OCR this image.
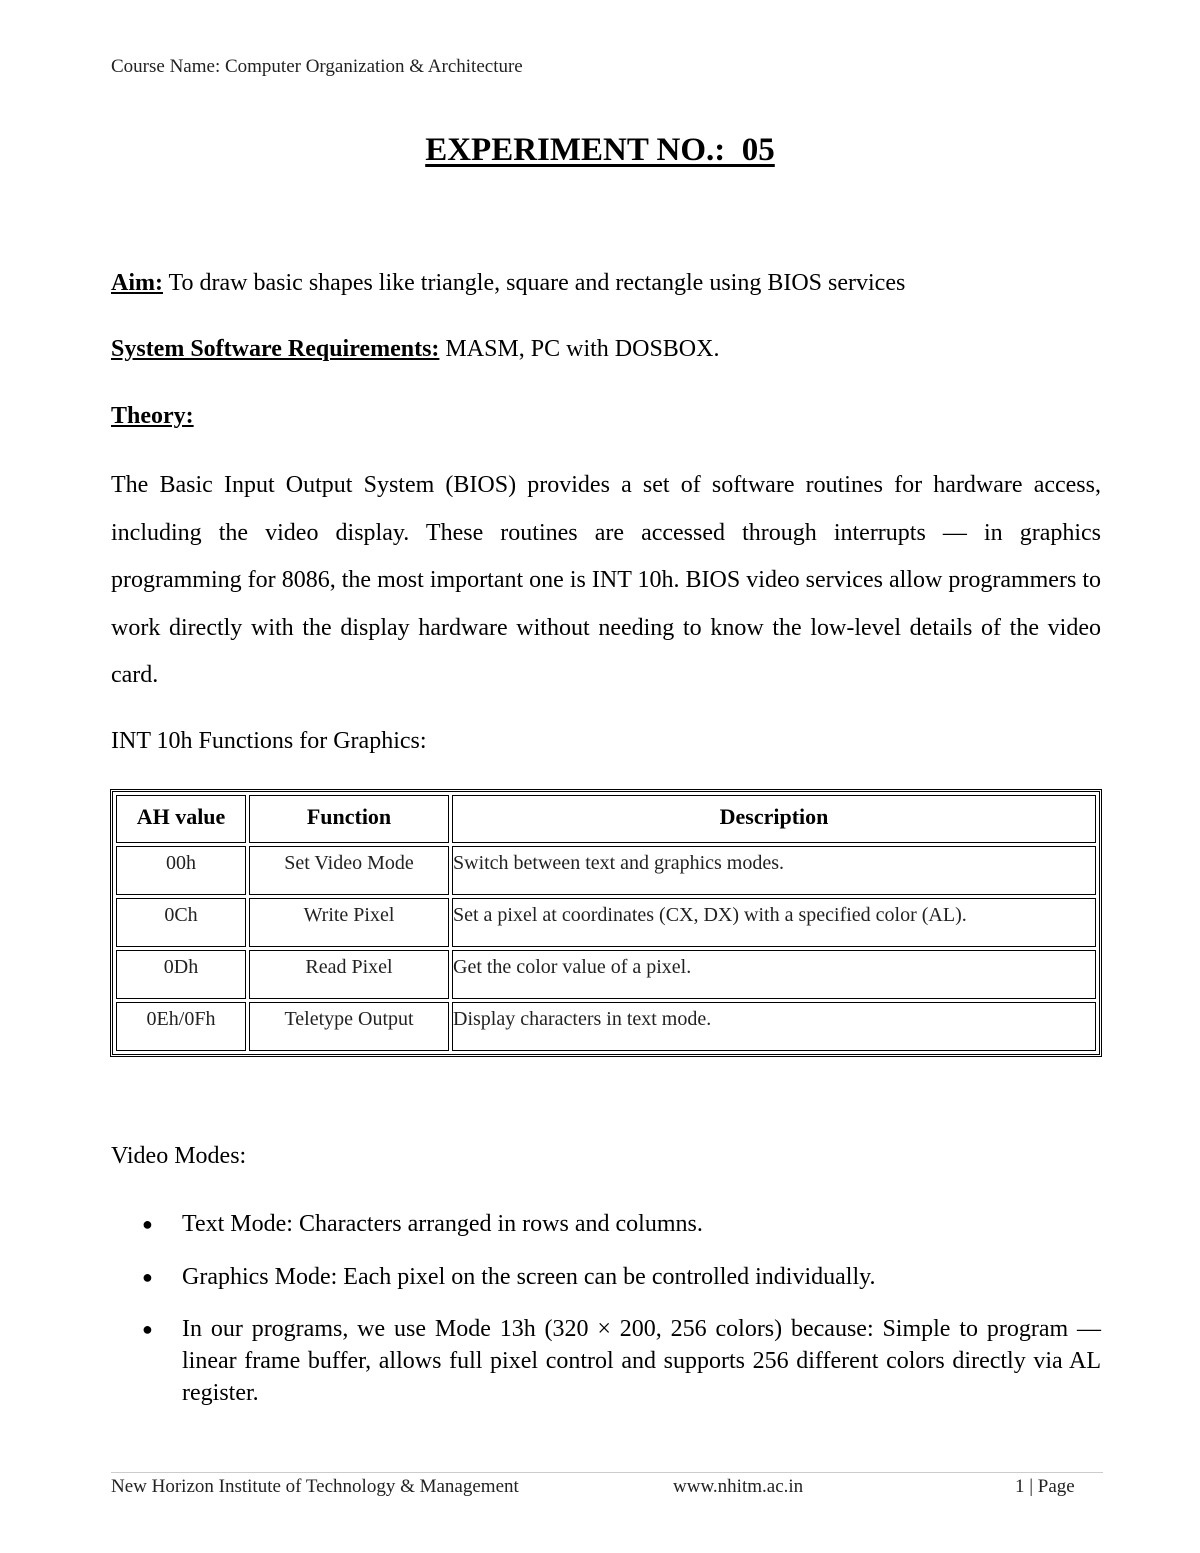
Course Name: Computer Organization & Architecture
EXPERIMENT NO.:  05
Aim: To draw basic shapes like triangle, square and rectangle using BIOS services
System Software Requirements: MASM, PC with DOSBOX.
Theory:

The Basic Input Output System (BIOS) provides a set of software routines for hardware access, including the video display. These routines are accessed through interrupts — in graphics programming for 8086, the most important one is INT 10h. BIOS video services allow programmers to work directly with the display hardware without needing to know the low-level details of the video card.

INT 10h Functions for Graphics:
AH value	Function	Description
00h	Set Video Mode	Switch between text and graphics modes.
0Ch	Write Pixel	Set a pixel at coordinates (CX, DX) with a specified color (AL).
0Dh	Read Pixel	Get the color value of a pixel.
0Eh/0Fh	Teletype Output	Display characters in text mode.
Video Modes:
● Text Mode: Characters arranged in rows and columns.
● Graphics Mode: Each pixel on the screen can be controlled individually.
● In our programs, we use Mode 13h (320 × 200, 256 colors) because: Simple to program — linear frame buffer, allows full pixel control and supports 256 different colors directly via AL register.
New Horizon Institute of Technology & Management	www.nhitm.ac.in	1 | Page
